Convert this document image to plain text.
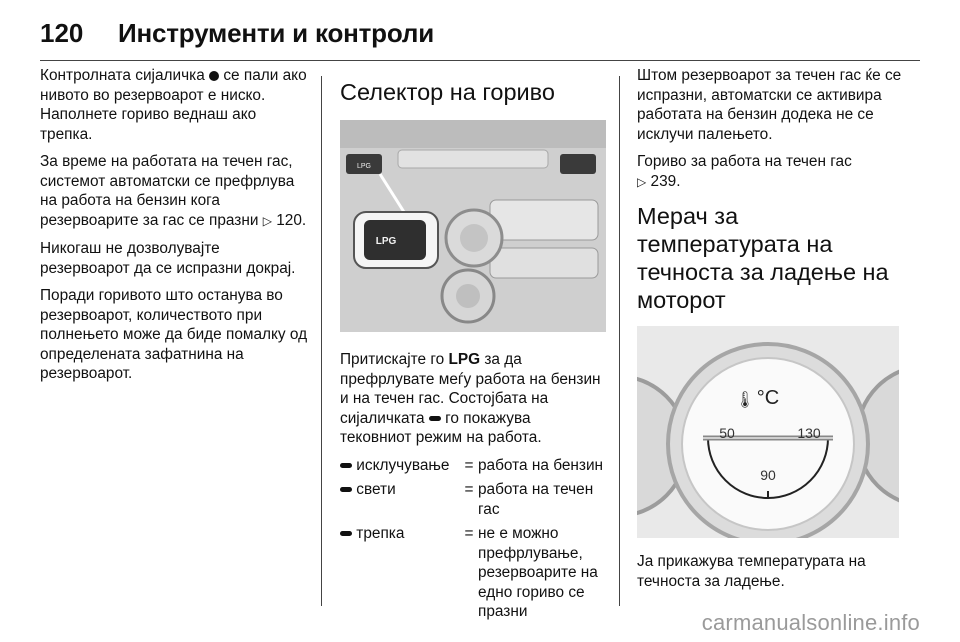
120 Инструменти и контроли

Контролната сијаличка  се пали ако нивото во резервоарот е ниско. Наполнете гориво веднаш ако трепка.

За време на работата на течен гас, системот автоматски се префрлува на работа на бензин кога резервоарите за гас се празни ▷ 120.

Никогаш не дозволувајте резервоарот да се испразни докрај.

Поради горивото што останува во резервоарот, количеството при полнењето може да биде помалку од определената зафатнина на резервоарот.

Селектор на гориво
LPG
LPG

Притискајте го LPG за да префрлувате меѓу работа на бензин и на течен гас. Состојбата на сијаличката  го покажува тековниот режим на работа.

исклучување	=	работа на бензин
свети	=	работа на течен гас
трепка	=	не е можно префрлување, резервоарите на едно гориво се празни

Штом резервоарот за течен гас ќе се испразни, автоматски се активира работата на бензин додека не се исклучи палењето.

Гориво за работа на течен гас
▷ 239.

Мерач за температурата на течноста за ладење на моторот
°C
🌡
50
90
130

Ја прикажува температурата на течноста за ладење.

carmanualsonline.info
